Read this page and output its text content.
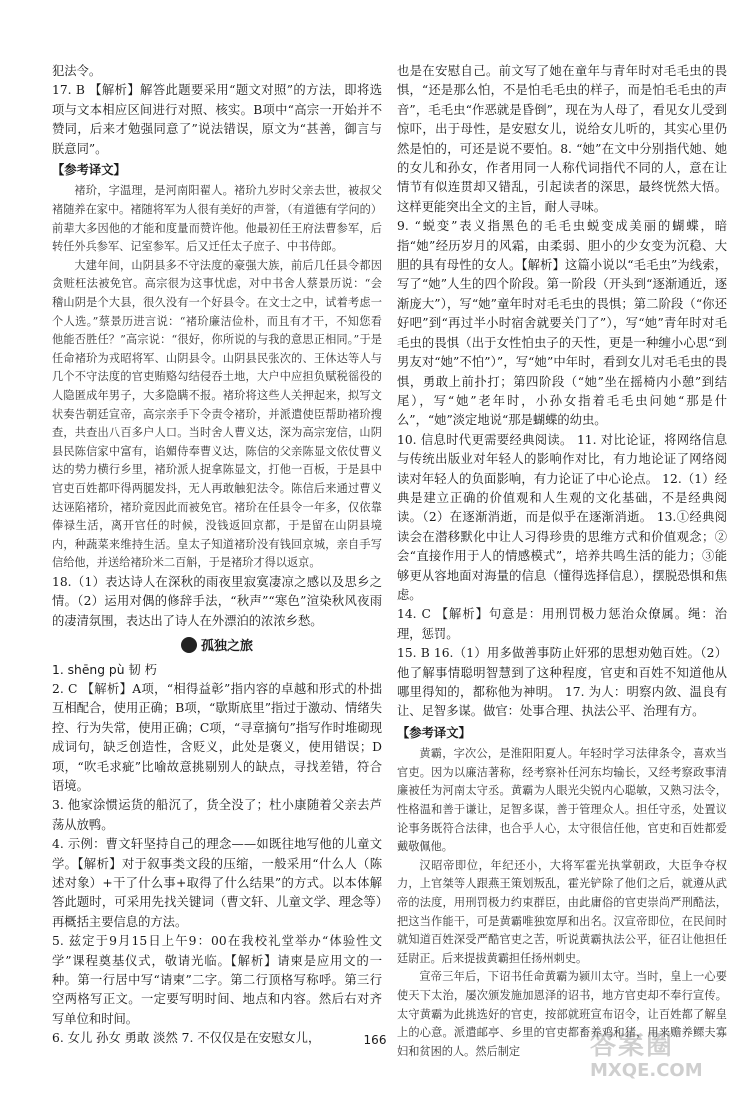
犯法令。

17. B 【解析】解答此题要采用“题文对照”的方法，即将选项与文本相应区间进行对照、核实。B项中“高宗一开始并不赞同，后来才勉强同意了”说法错误，原文为“甚善，御言与朕意同”。

【参考译文】

褚玠，字温理，是河南阳翟人。褚玠九岁时父亲去世，被叔父褚随养在家中。褚随将军为人很有美好的声誉，（有道德有学问的）前辈大多因他的才能和度量而赞许他。他最初任王府法曹参军，后转任外兵参军、记室参军。后又迁任太子庶子、中书侍郎。

大建年间，山阴县多不守法度的豪强大族，前后几任县令都因贪赃枉法被免官。高宗很为这事忧虑，对中书舍人蔡景历说：“会稽山阴是个大县，很久没有一个好县令。在文士之中，试着考虑一个人选。”蔡景历进言说：“褚玠廉洁俭朴，而且有才干，不知您看他能否胜任？”高宗说：“很好，你所说的与我的意思正相同。”于是任命褚玠为戎昭将军、山阴县令。山阴县民张次的、王休达等人与几个不守法度的官吏贿赂勾结侵吞土地，大户中应担负赋税徭役的人隐匿成年男子，大多隐瞒不报。褚玠将这些人关押起来，拟写文状奏告朝廷宣帝，高宗亲手下令责令褚玠，并派遣使臣帮助褚玠搜查，共查出八百多户人口。当时舍人曹义达，深为高宗宠信，山阴县民陈信家中富有，谄媚侍奉曹义达，陈信的父亲陈显文依仗曹义达的势力横行乡里，褚玠派人捉拿陈显文，打他一百板，于是县中官吏百姓都吓得两腿发抖，无人再敢触犯法令。陈信后来通过曹义达诬陷褚玠，褚玠竟因此而被免官。褚玠在任县令一年多，仅依靠俸禄生活，离开官任的时候，没钱返回京都，于是留在山阴县境内，种蔬菜来维持生活。皇太子知道褚玠没有钱回京城，亲自手写信给他，并送给褚玠米二百斛，于是褚玠才得以返京。

18.（1）表达诗人在深秋的雨夜里寂寞凄凉之感以及思乡之情。（2）运用对偶的修辞手法，“秋声”“寒色”渲染秋风夜雨的凄清氛围，表达出了诗人在外漂泊的浓浓乡愁。

孤独之旅

1. shēng pù 韧 朽

2. C 【解析】A项，“相得益彰”指内容的卓越和形式的朴拙互相配合，使用正确；B项，“歇斯底里”指过于激动、情绪失控、行为失常，使用正确；C项，“寻章摘句”指写作时堆砌现成词句，缺乏创造性，含贬义，此处是褒义，使用错误；D项，“吹毛求疵”比喻故意挑剔别人的缺点，寻找差错，符合语境。

3. 他家涂惯运货的船沉了，货全没了；杜小康随着父亲去芦荡从放鸭。

4. 示例：曹文轩坚持自己的理念——如既往地写他的儿童文学。【解析】对于叙事类文段的压缩，一般采用“什么人（陈述对象）+干了什么事+取得了什么结果”的方式。以本体解答此题时，可采用先找关键词（曹文轩、儿童文学、理念等）再概括主要信息的方法。

5. 兹定于9月15日上午9：00在我校礼堂举办“体验性文学”课程奠基仪式，敬请光临。【解析】请柬是应用文的一种。第一行居中写“请柬”二字。第二行顶格写称呼。第三行空两格写正文。一定要写明时间、地点和内容。然后右对齐写单位和时间。

6. 女儿 孙女 勇敢 淡然 7. 不仅仅是在安慰女儿，

也是在安慰自己。前文写了她在童年与青年时对毛毛虫的畏惧，“还是那么怕，不是怕毛毛虫的样子，而是怕毛毛虫的声音”，毛毛虫“作恶就是昏倒”，现在为人母了，看见女儿受到惊吓，出于母性，是安慰女儿，说给女儿听的，其实心里仍然是怕的，可还是说不要怕。8. “她”在文中分别指代她、她的女儿和孙女，作者用同一人称代词指代不同的人，意在让情节有似连贯却又错乱，引起读者的深思，最终恍然大悟。这样更能突出全文的主旨，耐人寻味。

9. “蜕变”表义指黑色的毛毛虫蜕变成美丽的蝴蝶，暗指“她”经历岁月的风霜，由柔弱、胆小的少女变为沉稳、大胆的具有母性的女人。【解析】这篇小说以“毛毛虫”为线索，写了“她”人生的四个阶段。第一阶段（开头到“逐渐通近，逐渐庞大”），写“她”童年时对毛毛虫的畏惧；第二阶段（“你还好吧”到“再过半小时宿舍就要关门了”），写“她”青年时对毛毛虫的畏惧（出于女性怕虫子的天性，更是一种缠小心思“到男友对“她”不怕”）”，写“她”中年时，看到女儿对毛毛虫的畏惧，勇敢上前扑打；第四阶段（“她”坐在摇椅内小憩”到结尾），写“她”老年时，小孙女指着毛毛虫问她“那是什么”，“她”淡定地说“那是蝴蝶的幼虫。

10. 信息时代更需要经典阅读。 11. 对比论证，将网络信息与传统出版业对年轻人的影响作对比，有力地论证了网络阅读对年轻人的负面影响，有力论证了中心论点。 12.（1）经典是建立正确的价值观和人生观的文化基础，不是经典阅读。（2）在逐渐消逝，而是似乎在逐渐消逝。 13.①经典阅读会在潜移默化中让人习得珍贵的思维方式和价值观念；②会“直接作用于人的情感模式”，培养共鸣生活的能力；③能够更从容地面对海量的信息（懂得选择信息），摆脱恐惧和焦虑。

14. C 【解析】句意是：用刑罚极力惩治众僚属。绳：治理，惩罚。

15. B 16.（1）用多做善事防止奸邪的思想劝勉百姓。（2）他了解事情聪明智慧到了这种程度，官吏和百姓不知道他从哪里得知的，都称他为神明。 17. 为人：明察内敛、温良有让、足智多谋。做官：处事合理、执法公平、治理有方。

【参考译文】

黄霸，字次公，是淮阳阳夏人。年轻时学习法律条令，喜欢当官吏。因为以廉洁著称，经考察补任河东均输长，又经考察政事清廉被任为河南太守丞。黄霸为人眼光尖锐内心聪敏，又熟习法令，性格温和善于谦让，足智多谋，善于管理众人。担任守丞，处置议论事务既符合法律，也合乎人心，太守很信任他，官吏和百姓都爱戴敬佩他。

汉昭帝即位，年纪还小，大将军霍光执掌朝政，大臣争夺权力，上官桀等人跟燕王策划叛乱，霍光铲除了他们之后，就遵从武帝的法度，用刑罚极力约束群臣，由此庸俗的官吏崇尚严刑酷法，把这当作能干，可是黄霸唯独宽厚和出名。汉宣帝即位，在民间时就知道百姓深受严酷官吏之苦，听说黄霸执法公平，征召让他担任廷尉正。后来提拔黄霸担任扬州刺史。

宣帝三年后，下诏书任命黄霸为颍川太守。当时，皇上一心要使天下太治，屡次颁发施加恩泽的诏书，地方官吏却不奉行宣传。太守黄霸为此挑选好的官吏，按部就班宣布诏令，让百姓都了解皇上的心意。派遣邮亭、乡里的官吏都畜养鸡和猪，用来赡养鳏夫寡妇和贫困的人。然后制定

166	答案圈
MXQE.COM
